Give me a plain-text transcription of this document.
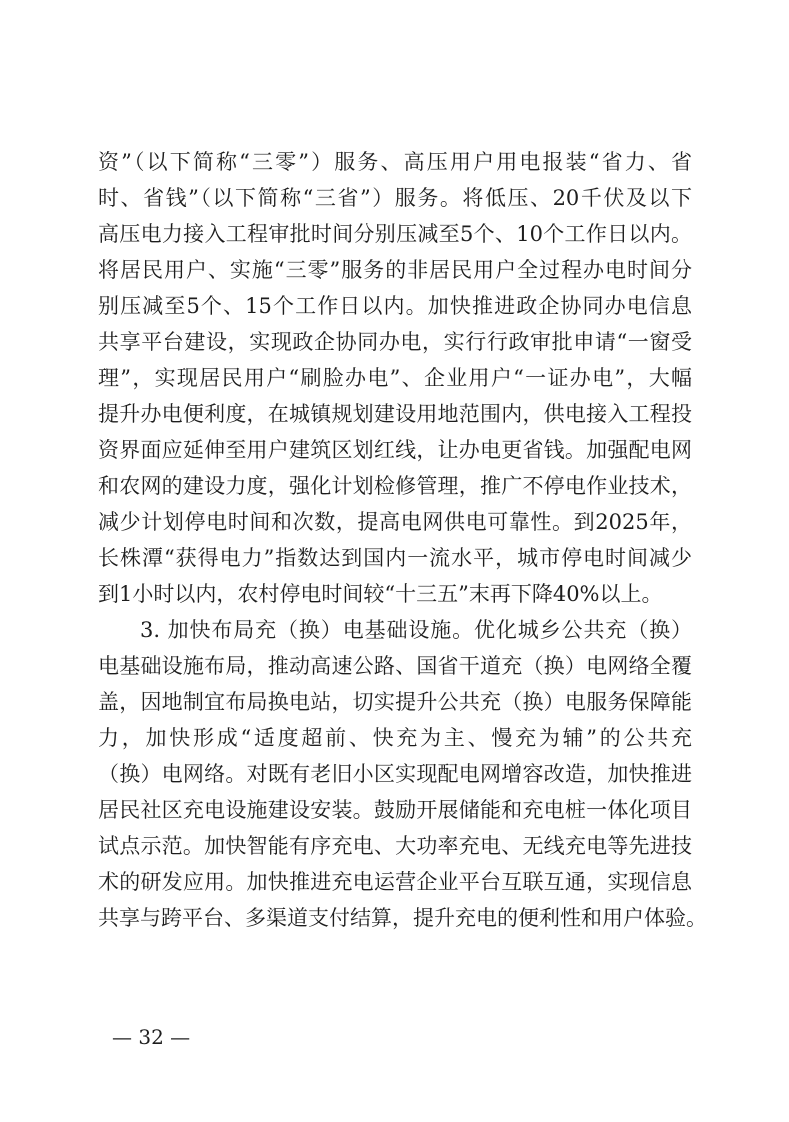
资”（以下简称“三零”）服务、高压用户用电报装“省力、省
时、省钱”（以下简称“三省”）服务。将低压、20千伏及以下
高压电力接入工程审批时间分别压减至5个、10个工作日以内。
将居民用户、实施“三零”服务的非居民用户全过程办电时间分
别压减至5个、15个工作日以内。加快推进政企协同办电信息
共享平台建设，实现政企协同办电，实行行政审批申请“一窗受
理”，实现居民用户“刷脸办电”、企业用户“一证办电”，大幅
提升办电便利度，在城镇规划建设用地范围内，供电接入工程投
资界面应延伸至用户建筑区划红线，让办电更省钱。加强配电网
和农网的建设力度，强化计划检修管理，推广不停电作业技术，
减少计划停电时间和次数，提高电网供电可靠性。到2025年，
长株潭“获得电力”指数达到国内一流水平，城市停电时间减少
到1小时以内，农村停电时间较“十三五”末再下降40%以上。
3. 加快布局充（换）电基础设施。优化城乡公共充（换）
电基础设施布局，推动高速公路、国省干道充（换）电网络全覆
盖，因地制宜布局换电站，切实提升公共充（换）电服务保障能
力，加快形成“适度超前、快充为主、慢充为辅”的公共充
（换）电网络。对既有老旧小区实现配电网增容改造，加快推进
居民社区充电设施建设安装。鼓励开展储能和充电桩一体化项目
试点示范。加快智能有序充电、大功率充电、无线充电等先进技
术的研发应用。加快推进充电运营企业平台互联互通，实现信息
共享与跨平台、多渠道支付结算，提升充电的便利性和用户体验。
— 32 —
